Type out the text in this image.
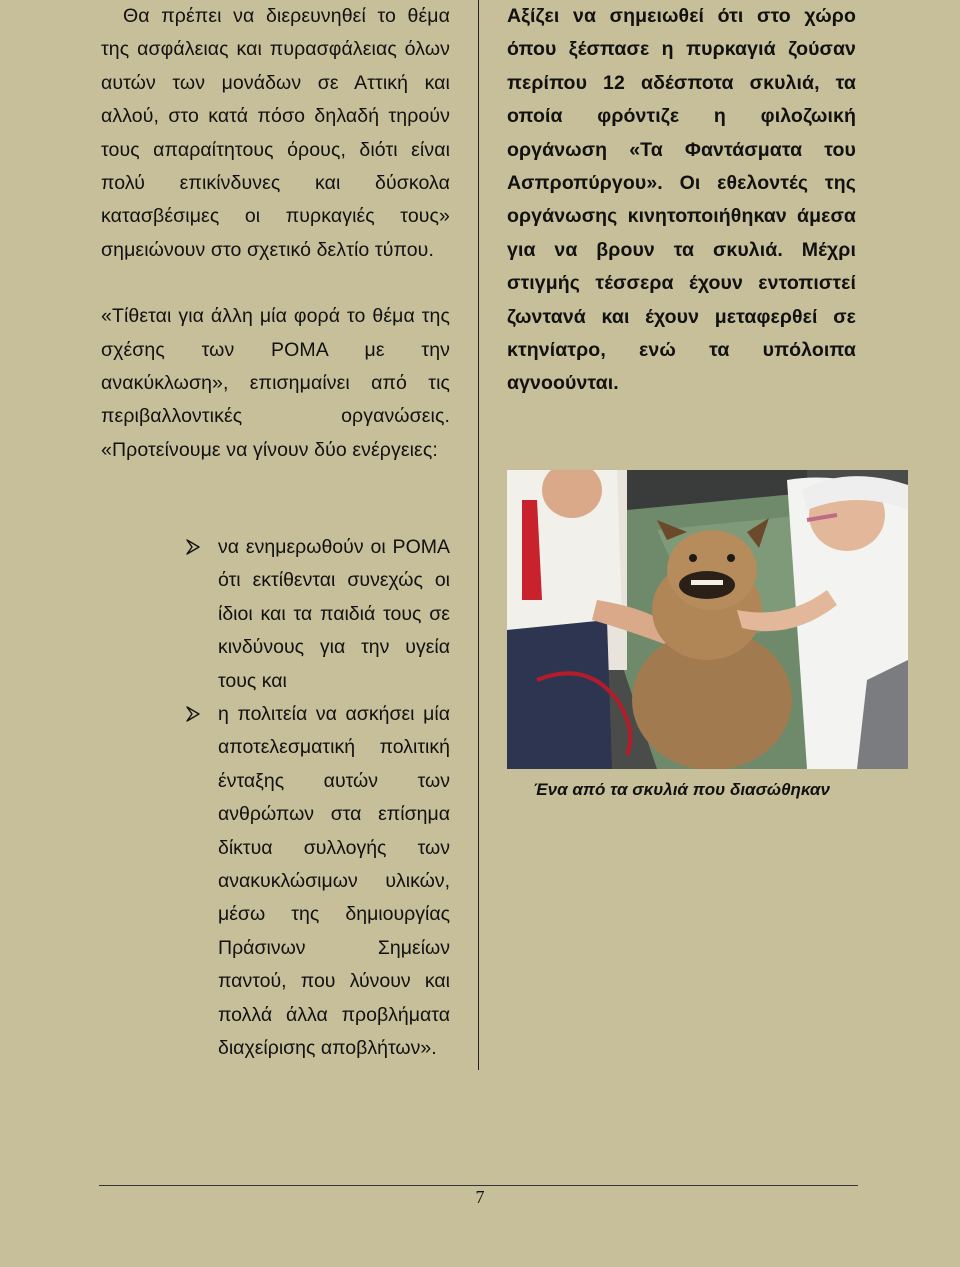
Θα πρέπει να διερευνηθεί το θέμα της ασφάλειας και πυρασφάλειας όλων αυτών των μονάδων σε Αττική και αλλού, στο κατά πόσο δηλαδή τηρούν τους απαραίτητους όρους, διότι είναι πολύ επικίνδυνες και δύσκολα κατασβέσιμες οι πυρκαγιές τους» σημειώνουν στο σχετικό δελτίο τύπου.

«Τίθεται για άλλη μία φορά το θέμα της σχέσης των ΡΟΜΑ με την ανακύκλωση», επισημαίνει από τις περιβαλλοντικές οργανώσεις. «Προτείνουμε να γίνουν δύο ενέργειες:

να ενημερωθούν οι ΡΟΜΑ ότι εκτίθενται συνεχώς οι ίδιοι και τα παιδιά τους σε κινδύνους για την υγεία τους και
η πολιτεία να ασκήσει μία αποτελεσματική πολιτική ένταξης αυτών των ανθρώπων στα επίσημα δίκτυα συλλογής των ανακυκλώσιμων υλικών, μέσω της δημιουργίας Πράσινων Σημείων παντού, που λύνουν και πολλά άλλα προβλήματα διαχείρισης αποβλήτων».

Αξίζει να σημειωθεί ότι στο χώρο όπου ξέσπασε η πυρκαγιά ζούσαν περίπου 12 αδέσποτα σκυλιά, τα οποία φρόντιζε η φιλοζωική οργάνωση «Τα Φαντάσματα του Ασπροπύργου». Οι εθελοντές της οργάνωσης κινητοποιήθηκαν άμεσα για να βρουν τα σκυλιά. Μέχρι στιγμής τέσσερα έχουν εντοπιστεί ζωντανά και έχουν μεταφερθεί σε κτηνίατρο, ενώ τα υπόλοιπα αγνοούνται.

Ένα από τα σκυλιά που διασώθηκαν
7
